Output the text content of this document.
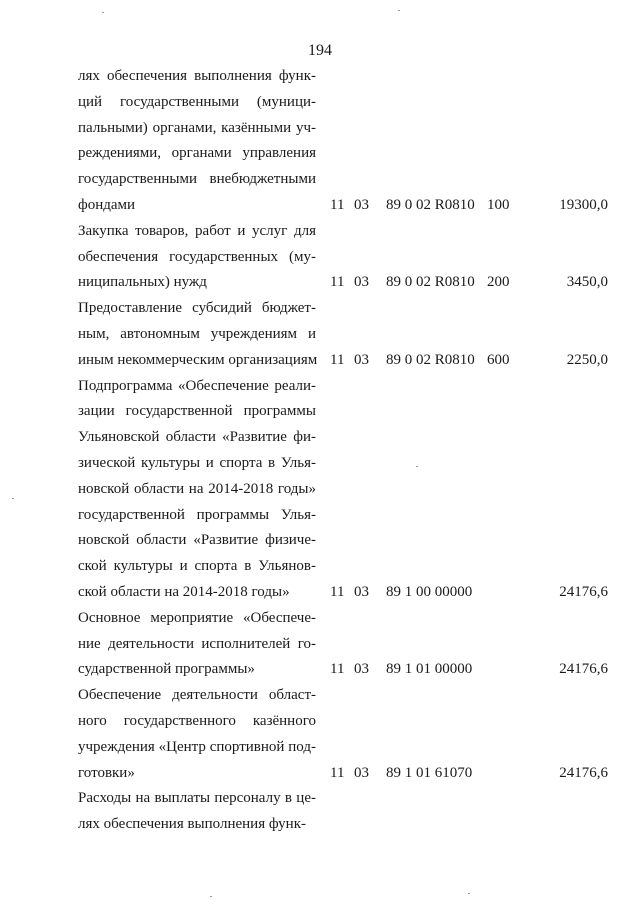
194
лях обеспечения выполнения функ-
ций государственными (муници-
пальными) органами, казёнными уч-
реждениями, органами управления
государственными внебюджетными
фондами	11 03 89 0 02 R0810 100	19300,0
Закупка товаров, работ и услуг для
обеспечения государственных (му-
ниципальных) нужд	11 03 89 0 02 R0810 200	3450,0
Предоставление субсидий бюджет-
ным, автономным учреждениям и
иным некоммерческим организациям 11 03 89 0 02 R0810 600	2250,0
Подпрограмма «Обеспечение реали-
зации государственной программы
Ульяновской области «Развитие фи-
зической культуры и спорта в Улья-
новской области на 2014-2018 годы»
государственной программы Улья-
новской области «Развитие физиче-
ской культуры и спорта в Ульянов-
ской области на 2014-2018 годы»	11 03 89 1 00 00000	24176,6
Основное мероприятие «Обеспече-
ние деятельности исполнителей го-
сударственной программы»	11 03 89 1 01 00000	24176,6
Обеспечение деятельности област-
ного государственного казённого
учреждения «Центр спортивной под-
готовки»	11 03 89 1 01 61070	24176,6
Расходы на выплаты персоналу в це-
лях обеспечения выполнения функ-
